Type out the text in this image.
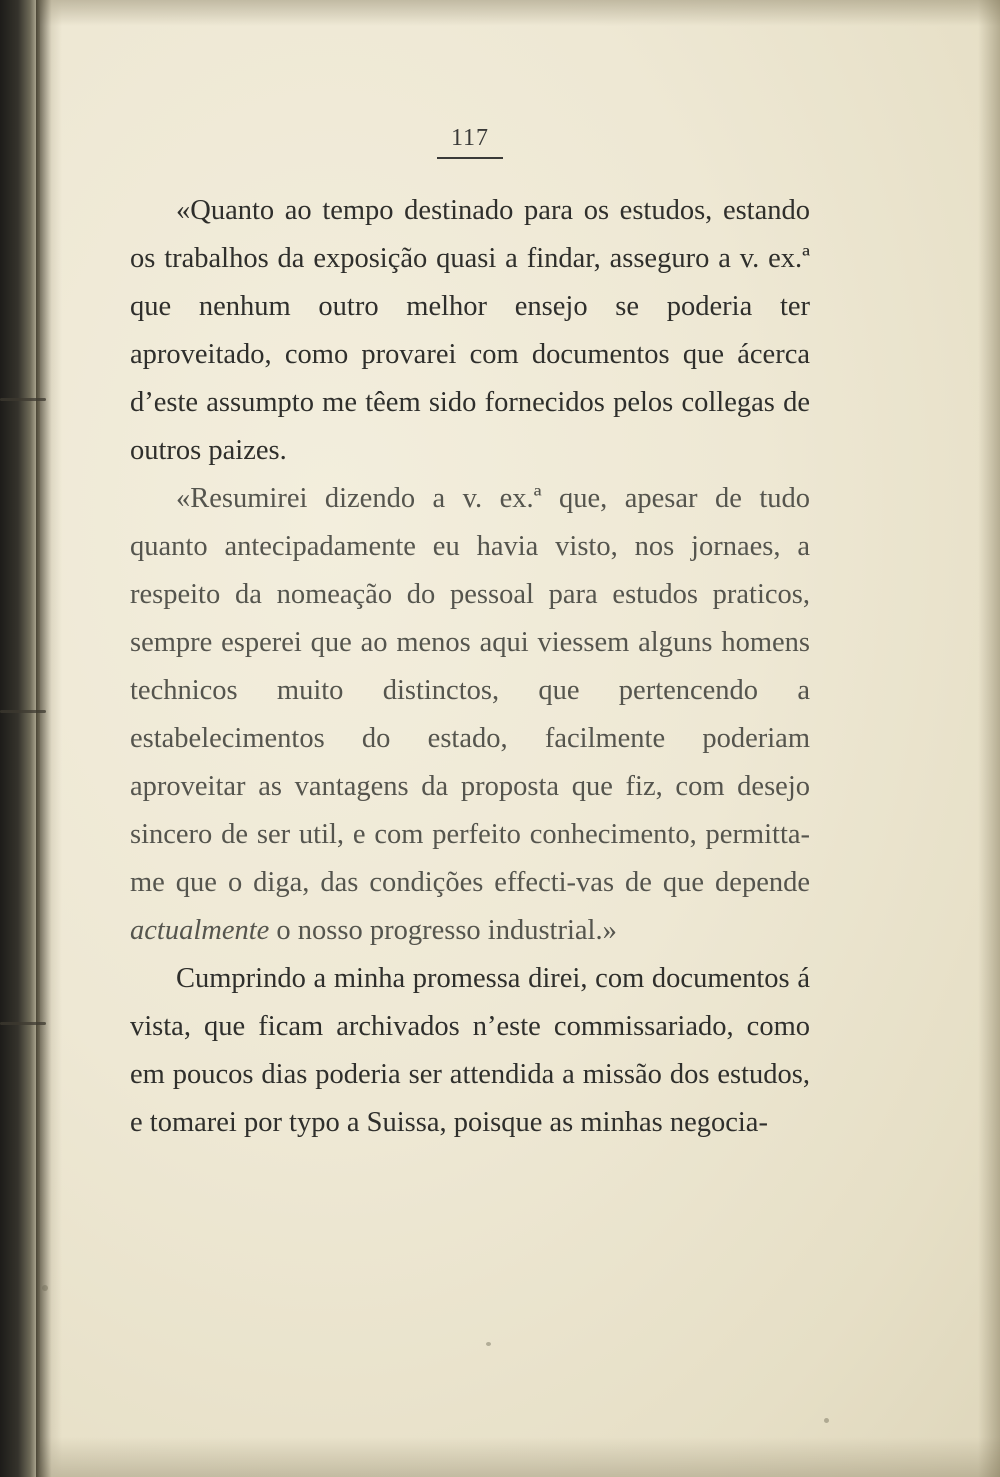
117

«Quanto ao tempo destinado para os estudos, estando os trabalhos da exposição quasi a findar, asseguro a v. ex.ª que nenhum outro melhor ensejo se poderia ter aproveitado, como provarei com documentos que ácerca d’este assumpto me têem sido fornecidos pelos collegas de outros paizes.

«Resumirei dizendo a v. ex.ª que, apesar de tudo quanto antecipadamente eu havia visto, nos jornaes, a respeito da nomeação do pessoal para estudos praticos, sempre esperei que ao menos aqui viessem alguns homens technicos muito distinctos, que pertencendo a estabelecimentos do estado, facilmente poderiam aproveitar as vantagens da proposta que fiz, com desejo sincero de ser util, e com perfeito conhecimento, permitta-me que o diga, das condições effecti-vas de que depende actualmente o nosso progresso industrial.»

Cumprindo a minha promessa direi, com documentos á vista, que ficam archivados n’este commissariado, como em poucos dias poderia ser attendida a missão dos estudos, e tomarei por typo a Suissa, poisque as minhas negocia-
